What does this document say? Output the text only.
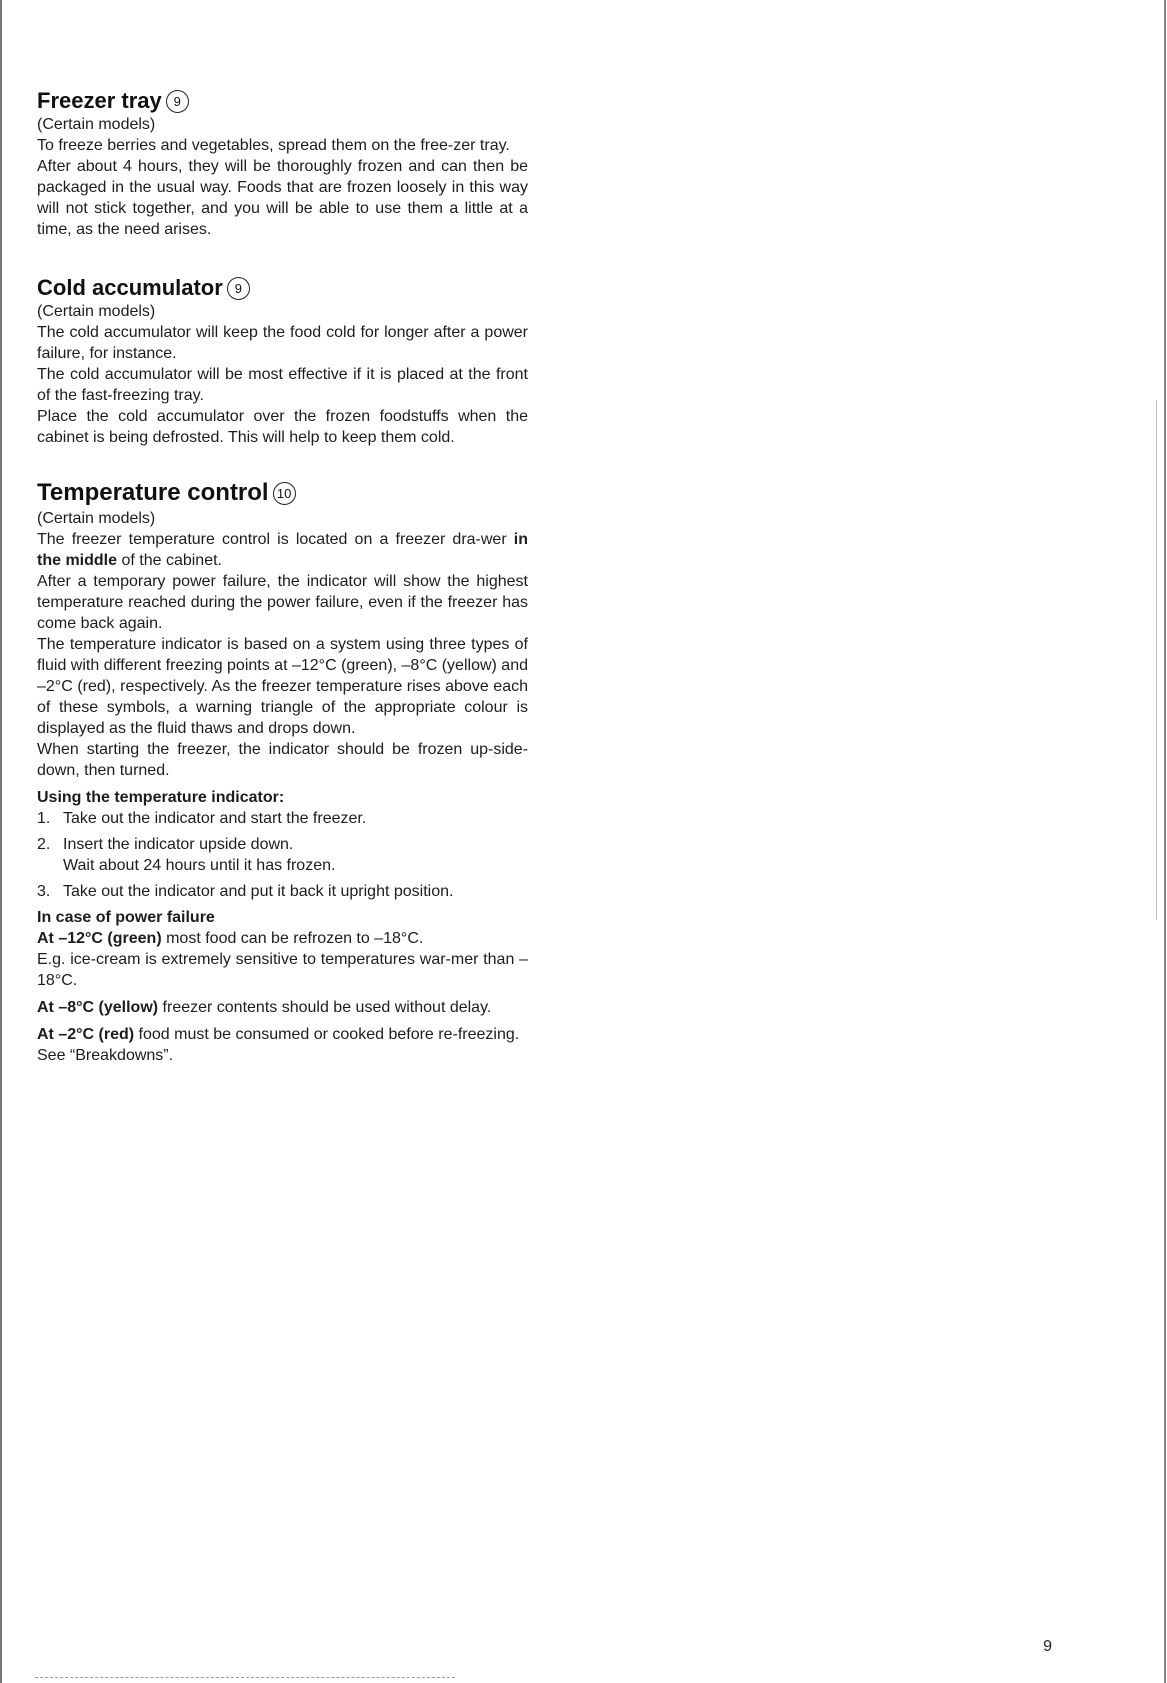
Freezer tray 9

(Certain models)

To freeze berries and vegetables, spread them on the free-zer tray.

After about 4 hours, they will be thoroughly frozen and can then be packaged in the usual way. Foods that are frozen loosely in this way will not stick together, and you will be able to use them a little at a time, as the need arises.

Cold accumulator 9

(Certain models)

The cold accumulator will keep the food cold for longer after a power failure, for instance.

The cold accumulator will be most effective if it is placed at the front of the fast-freezing tray.

Place the cold accumulator over the frozen foodstuffs when the cabinet is being defrosted. This will help to keep them cold.

Temperature control 10

(Certain models)

The freezer temperature control is located on a freezer dra-wer in the middle of the cabinet.

After a temporary power failure, the indicator will show the highest temperature reached during the power failure, even if the freezer has come back again.

The temperature indicator is based on a system using three types of fluid with different freezing points at –12°C (green), –8°C (yellow) and –2°C (red), respectively. As the freezer temperature rises above each of these symbols, a warning triangle of the appropriate colour is displayed as the fluid thaws and drops down.

When starting the freezer, the indicator should be frozen up-side-down, then turned.

Using the temperature indicator:

1. Take out the indicator and start the freezer.
2. Insert the indicator upside down.
Wait about 24 hours until it has frozen.
3. Take out the indicator and put it back it upright position.

In case of power failure

At –12°C (green) most food can be refrozen to –18°C.

E.g. ice-cream is extremely sensitive to temperatures war-mer than –18°C.

At –8°C (yellow) freezer contents should be used without delay.

At –2°C (red) food must be consumed or cooked before re-freezing.

See “Breakdowns”.

9
